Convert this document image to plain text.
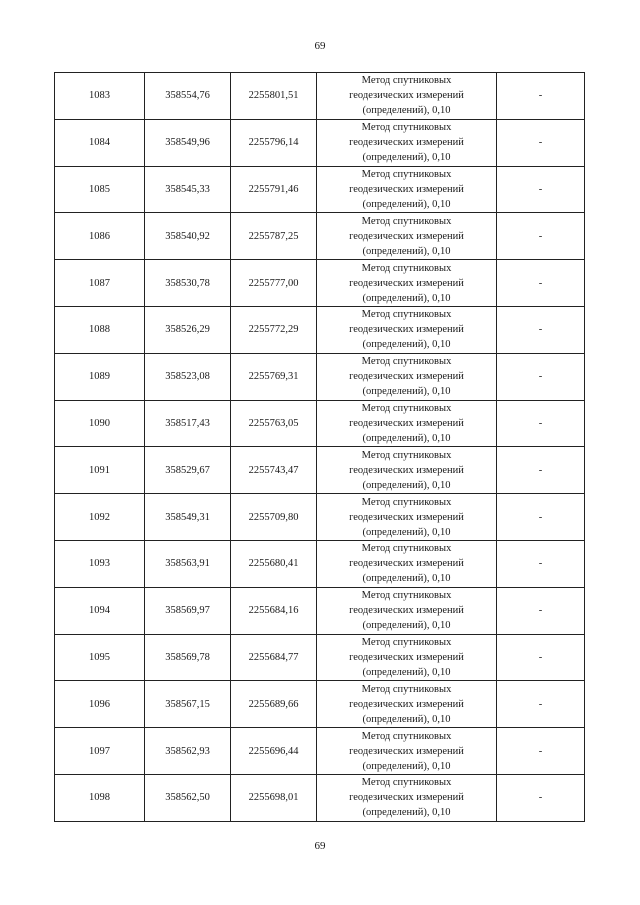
69
1083	358554,76	2255801,51	Метод спутниковых
геодезических измерений
(определений), 0,10	-
1084	358549,96	2255796,14	Метод спутниковых
геодезических измерений
(определений), 0,10	-
1085	358545,33	2255791,46	Метод спутниковых
геодезических измерений
(определений), 0,10	-
1086	358540,92	2255787,25	Метод спутниковых
геодезических измерений
(определений), 0,10	-
1087	358530,78	2255777,00	Метод спутниковых
геодезических измерений
(определений), 0,10	-
1088	358526,29	2255772,29	Метод спутниковых
геодезических измерений
(определений), 0,10	-
1089	358523,08	2255769,31	Метод спутниковых
геодезических измерений
(определений), 0,10	-
1090	358517,43	2255763,05	Метод спутниковых
геодезических измерений
(определений), 0,10	-
1091	358529,67	2255743,47	Метод спутниковых
геодезических измерений
(определений), 0,10	-
1092	358549,31	2255709,80	Метод спутниковых
геодезических измерений
(определений), 0,10	-
1093	358563,91	2255680,41	Метод спутниковых
геодезических измерений
(определений), 0,10	-
1094	358569,97	2255684,16	Метод спутниковых
геодезических измерений
(определений), 0,10	-
1095	358569,78	2255684,77	Метод спутниковых
геодезических измерений
(определений), 0,10	-
1096	358567,15	2255689,66	Метод спутниковых
геодезических измерений
(определений), 0,10	-
1097	358562,93	2255696,44	Метод спутниковых
геодезических измерений
(определений), 0,10	-
1098	358562,50	2255698,01	Метод спутниковых
геодезических измерений
(определений), 0,10	-
69
